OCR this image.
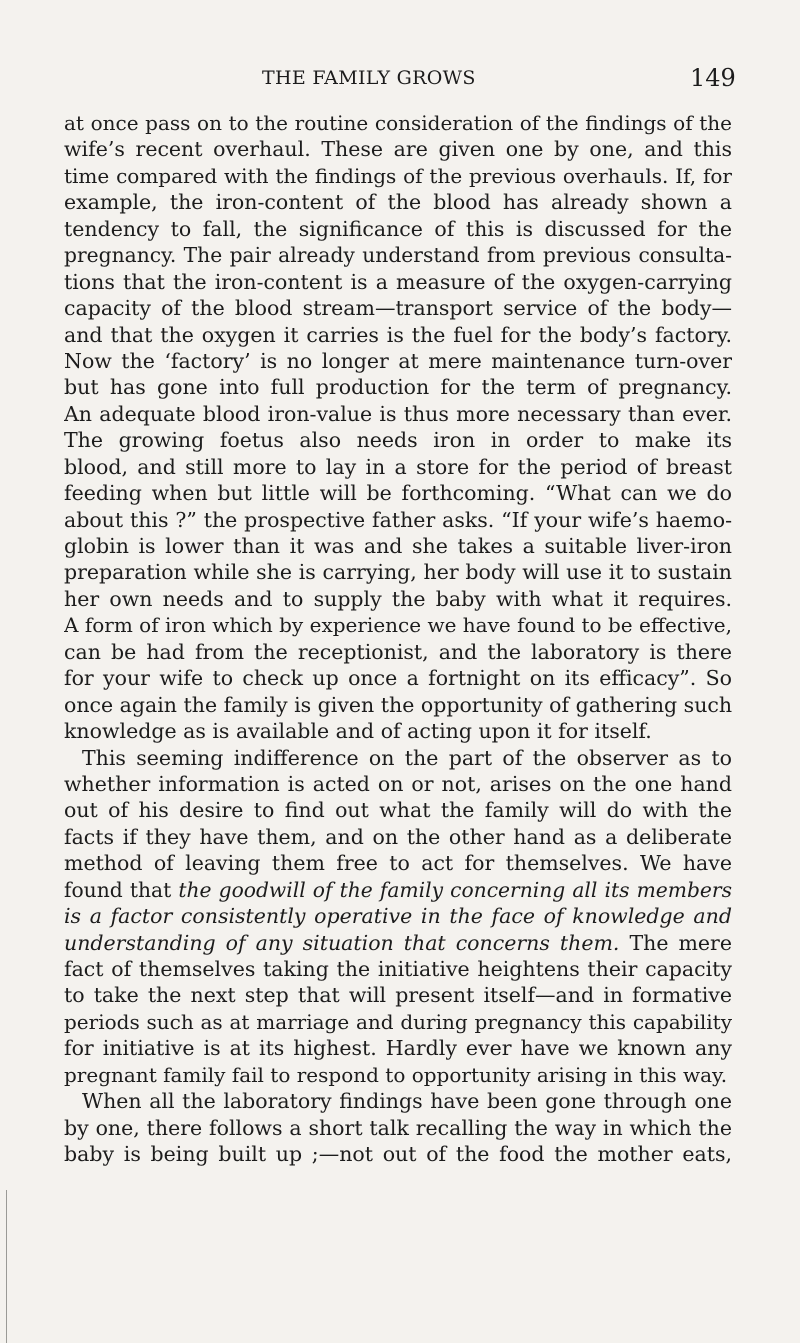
THE FAMILY GROWS	149
at once pass on to the routine consideration of the findings of the
wife’s recent overhaul. These are given one by one, and this
time compared with the findings of the previous overhauls. If, for
example, the iron-content of the blood has already shown a
tendency to fall, the significance of this is discussed for the
pregnancy. The pair already understand from previous consulta-
tions that the iron-content is a measure of the oxygen-carrying
capacity of the blood stream—transport service of the body—
and that the oxygen it carries is the fuel for the body’s factory.
Now the ‘factory’ is no longer at mere maintenance turn-over
but has gone into full production for the term of pregnancy.
An adequate blood iron-value is thus more necessary than ever.
The growing foetus also needs iron in order to make its
blood, and still more to lay in a store for the period of breast
feeding when but little will be forthcoming. “What can we do
about this ?” the prospective father asks. “If your wife’s haemo-
globin is lower than it was and she takes a suitable liver-iron
preparation while she is carrying, her body will use it to sustain
her own needs and to supply the baby with what it requires.
A form of iron which by experience we have found to be effective,
can be had from the receptionist, and the laboratory is there
for your wife to check up once a fortnight on its efficacy”. So
once again the family is given the opportunity of gathering such
knowledge as is available and of acting upon it for itself.
This seeming indifference on the part of the observer as to
whether information is acted on or not, arises on the one hand
out of his desire to find out what the family will do with the
facts if they have them, and on the other hand as a deliberate
method of leaving them free to act for themselves. We have
found that the goodwill of the family concerning all its members
is a factor consistently operative in the face of knowledge and
understanding of any situation that concerns them. The mere
fact of themselves taking the initiative heightens their capacity
to take the next step that will present itself—and in formative
periods such as at marriage and during pregnancy this capability
for initiative is at its highest. Hardly ever have we known any
pregnant family fail to respond to opportunity arising in this way.
When all the laboratory findings have been gone through one
by one, there follows a short talk recalling the way in which the
baby is being built up ;—not out of the food the mother eats,
